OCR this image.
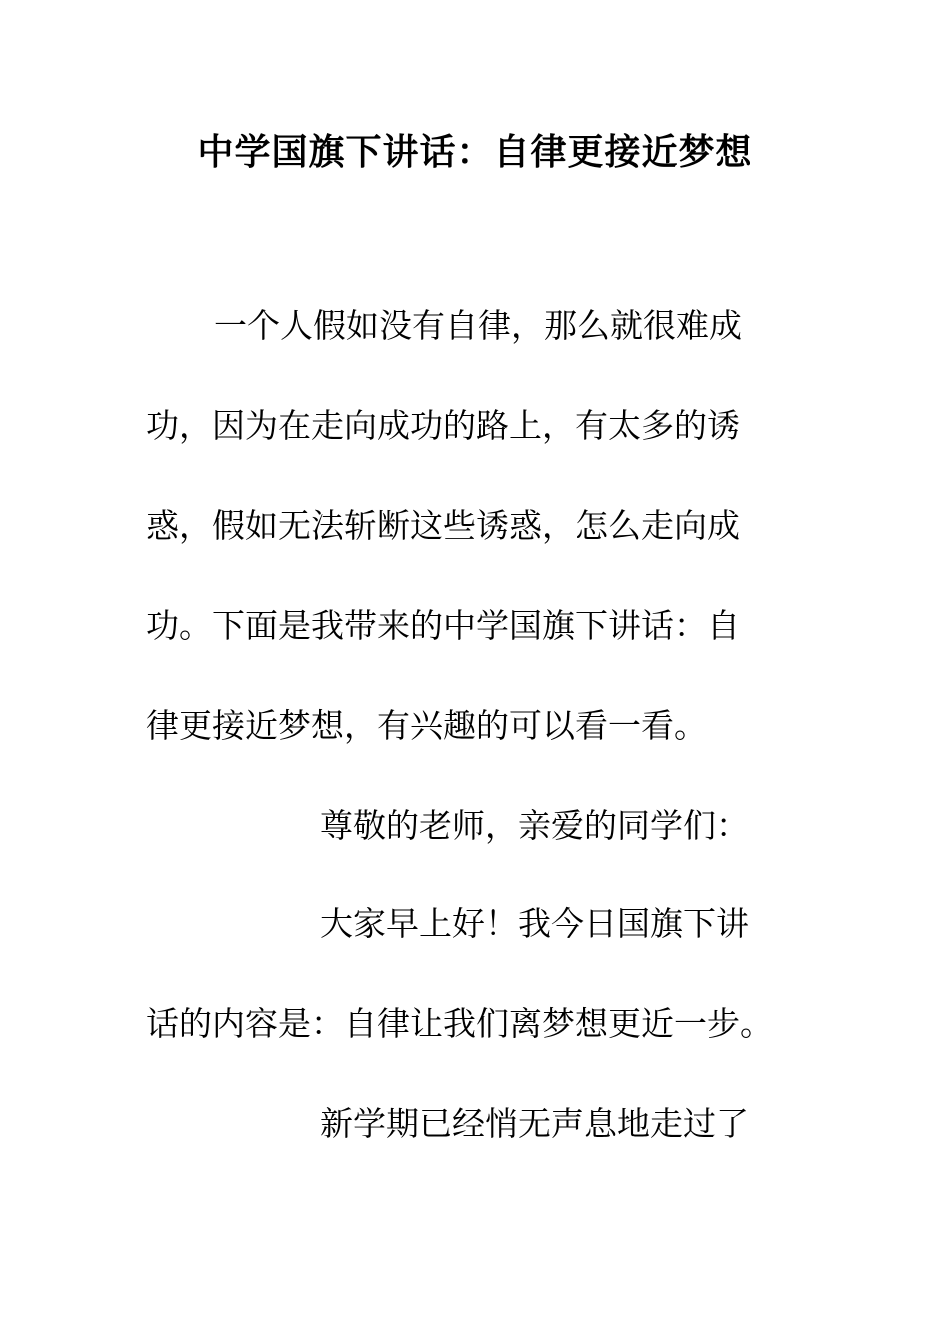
中学国旗下讲话：自律更接近梦想

一个人假如没有自律，那么就很难成

功，因为在走向成功的路上，有太多的诱

惑，假如无法斩断这些诱惑，怎么走向成

功。下面是我带来的中学国旗下讲话：自

律更接近梦想，有兴趣的可以看一看。

尊敬的老师，亲爱的同学们：

大家早上好！我今日国旗下讲

话的内容是：自律让我们离梦想更近一步。

新学期已经悄无声息地走过了
